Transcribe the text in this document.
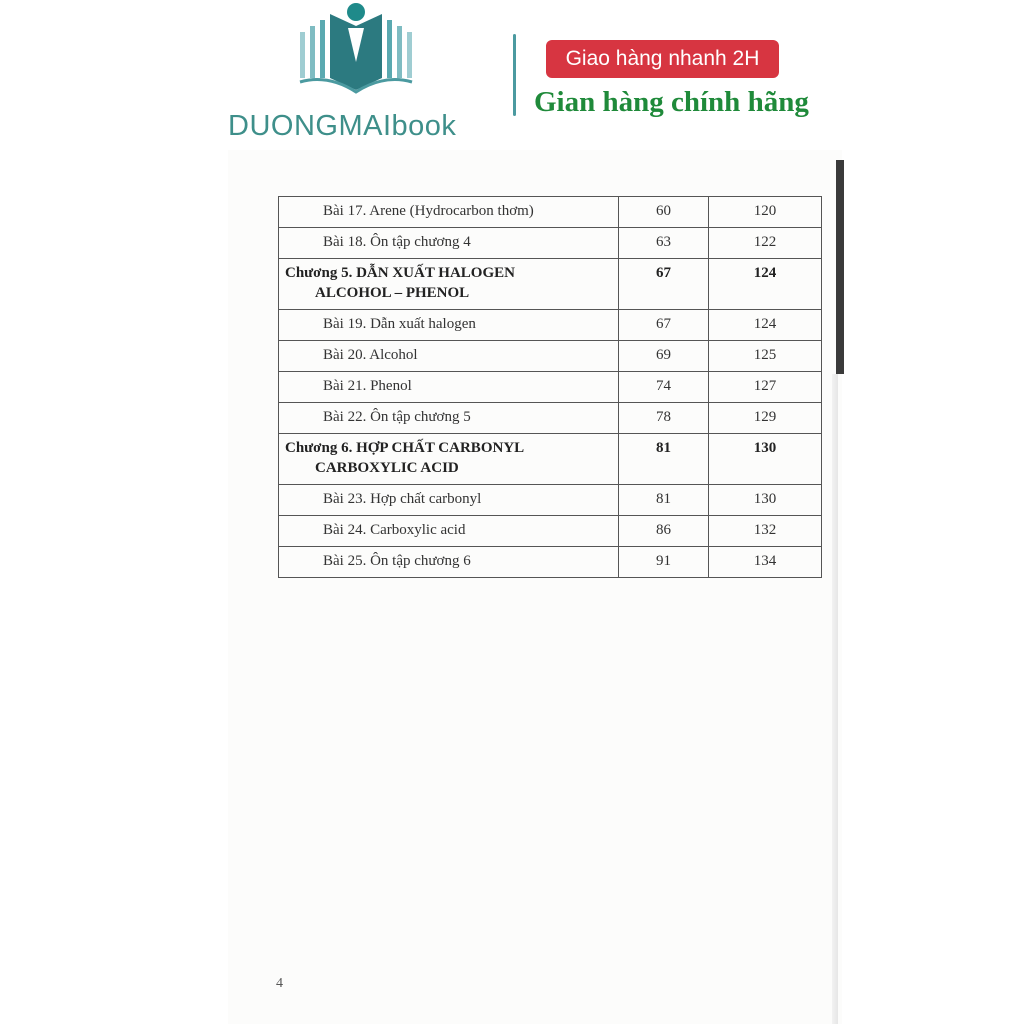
DUONGMAIbook
Giao hàng nhanh 2H
Gian hàng chính hãng
Bài 17. Arene (Hydrocarbon thơm)	60	120
Bài 18. Ôn tập chương 4	63	122
Chương 5. DẪN XUẤT HALOGEN
ALCOHOL – PHENOL	67	124
Bài 19. Dẫn xuất halogen	67	124
Bài 20. Alcohol	69	125
Bài 21. Phenol	74	127
Bài 22. Ôn tập chương 5	78	129
Chương 6. HỢP CHẤT CARBONYL
CARBOXYLIC ACID	81	130
Bài 23. Hợp chất carbonyl	81	130
Bài 24. Carboxylic acid	86	132
Bài 25. Ôn tập chương 6	91	134
4
